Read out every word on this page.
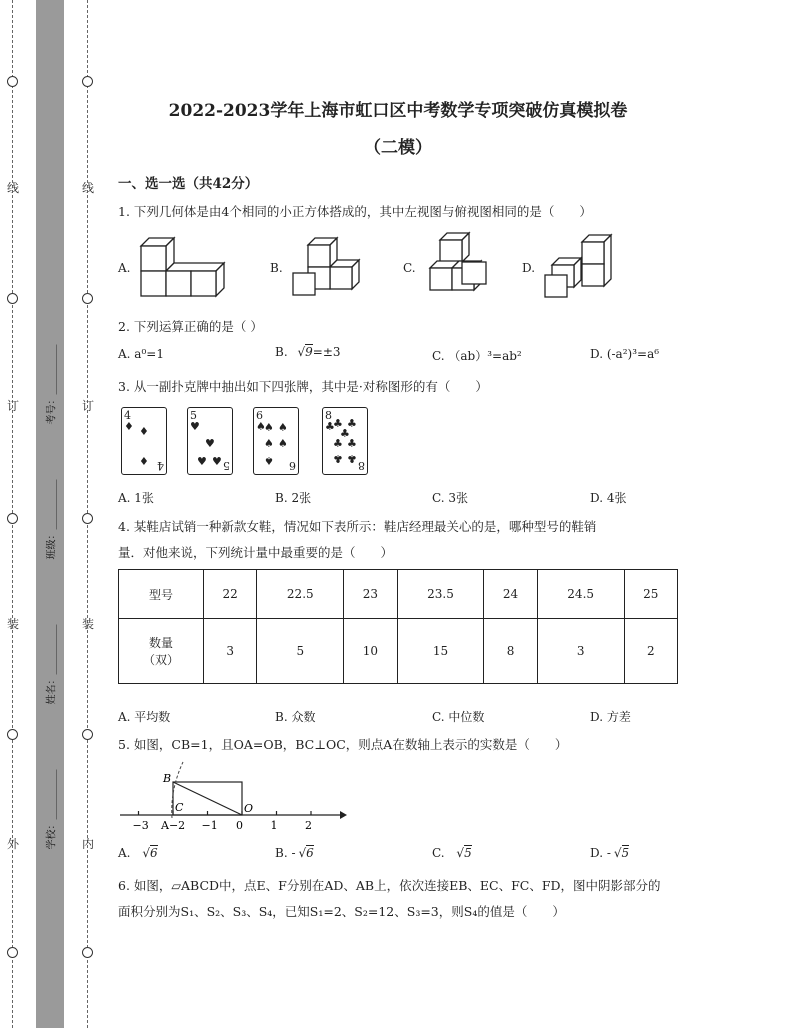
线
订
装
外
线
订
装
内
考号：__________
班级：__________
姓名：__________
学校：__________
2022-2023学年上海市虹口区中考数学专项突破仿真模拟卷
（二模）
一、选一选（共42分）
1. 下列几何体是由4个相同的小正方体搭成的，其中左视图与俯视图相同的是（　　）
A.	B.	C.	D.
2. 下列运算正确的是（ ）
A. a⁰=1	B. √9=±3	C. （ab）³=ab²	D. (-a²)³=a⁶
3. 从一副扑克牌中抽出如下四张牌，其中是·对称图形的有（　　）
4
♦ ♦
♦ 4
5
♥
♥
♥ ♥ 5
6
♠
♠ ♠
♠ ♠
♠ 6
8
♣
♣ ♣
♣
♣ ♣
♣ ♣
8
A. 1张	B. 2张	C. 3张	D. 4张
4. 某鞋店试销一种新款女鞋，情况如下表所示：鞋店经理最关心的是，哪种型号的鞋销
量．对他来说，下列统计量中最重要的是（　　）
型号	22	22.5	23	23.5	24	24.5	25

数量
（双）	3	5	10	15	8	3	2
A. 平均数	B. 众数	C. 中位数	D. 方差
5. 如图，CB=1，且OA=OB，BC⊥OC，则点A在数轴上表示的实数是（　　）
−3 A−2 −1 0	1	2
B
C	O
A. √6	B. - √6	C. √5	D. - √5
6. 如图，▱ABCD中，点E、F分别在AD、AB上，依次连接EB、EC、FC、FD，图中阴影部分的
面积分别为S₁、S₂、S₃、S₄，已知S₁=2、S₂=12、S₃=3，则S₄的值是（　　）
